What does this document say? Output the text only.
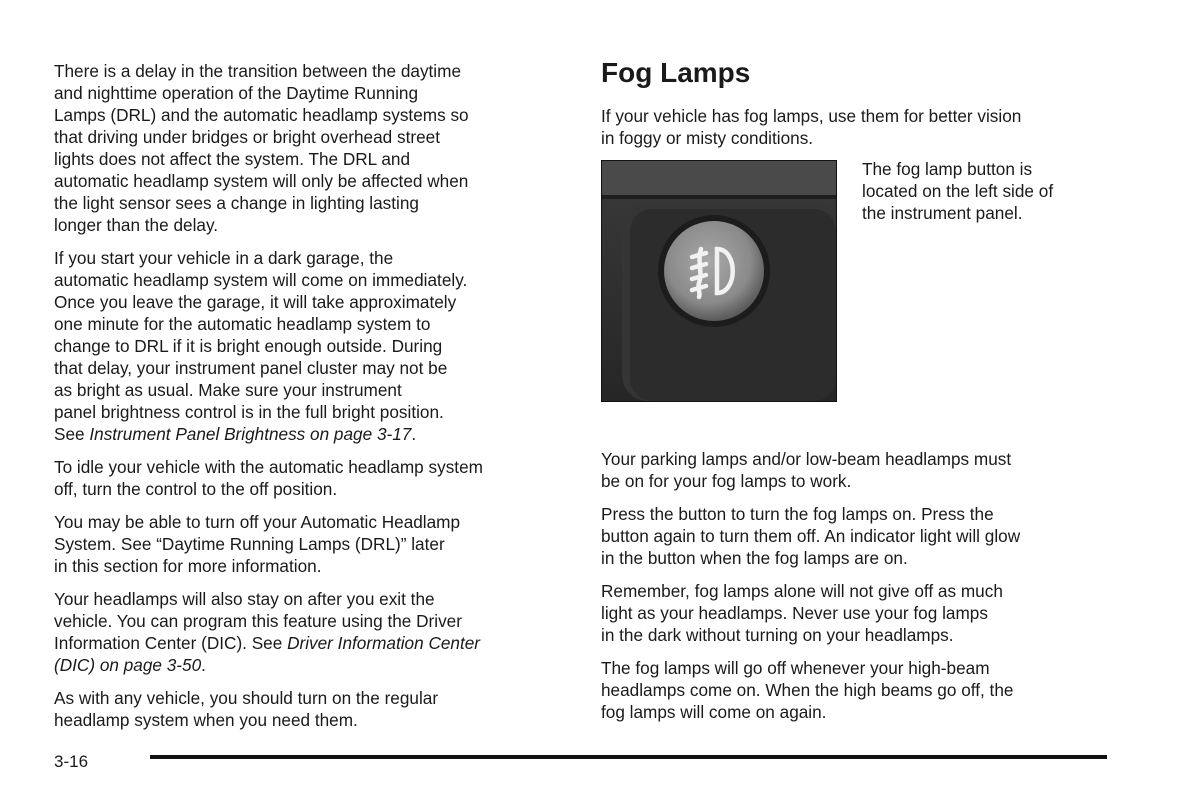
There is a delay in the transition between the daytime
and nighttime operation of the Daytime Running
Lamps (DRL) and the automatic headlamp systems so
that driving under bridges or bright overhead street
lights does not affect the system. The DRL and
automatic headlamp system will only be affected when
the light sensor sees a change in lighting lasting
longer than the delay.

If you start your vehicle in a dark garage, the
automatic headlamp system will come on immediately.
Once you leave the garage, it will take approximately
one minute for the automatic headlamp system to
change to DRL if it is bright enough outside. During
that delay, your instrument panel cluster may not be
as bright as usual. Make sure your instrument
panel brightness control is in the full bright position.
See Instrument Panel Brightness on page 3-17.

To idle your vehicle with the automatic headlamp system
off, turn the control to the off position.

You may be able to turn off your Automatic Headlamp
System. See “Daytime Running Lamps (DRL)” later
in this section for more information.

Your headlamps will also stay on after you exit the
vehicle. You can program this feature using the Driver
Information Center (DIC). See Driver Information Center
(DIC) on page 3-50.

As with any vehicle, you should turn on the regular
headlamp system when you need them.

Fog Lamps

If your vehicle has fog lamps, use them for better vision
in foggy or misty conditions.

The fog lamp button is
located on the left side of
the instrument panel.

Your parking lamps and/or low-beam headlamps must
be on for your fog lamps to work.

Press the button to turn the fog lamps on. Press the
button again to turn them off. An indicator light will glow
in the button when the fog lamps are on.

Remember, fog lamps alone will not give off as much
light as your headlamps. Never use your fog lamps
in the dark without turning on your headlamps.

The fog lamps will go off whenever your high-beam
headlamps come on. When the high beams go off, the
fog lamps will come on again.

3-16
